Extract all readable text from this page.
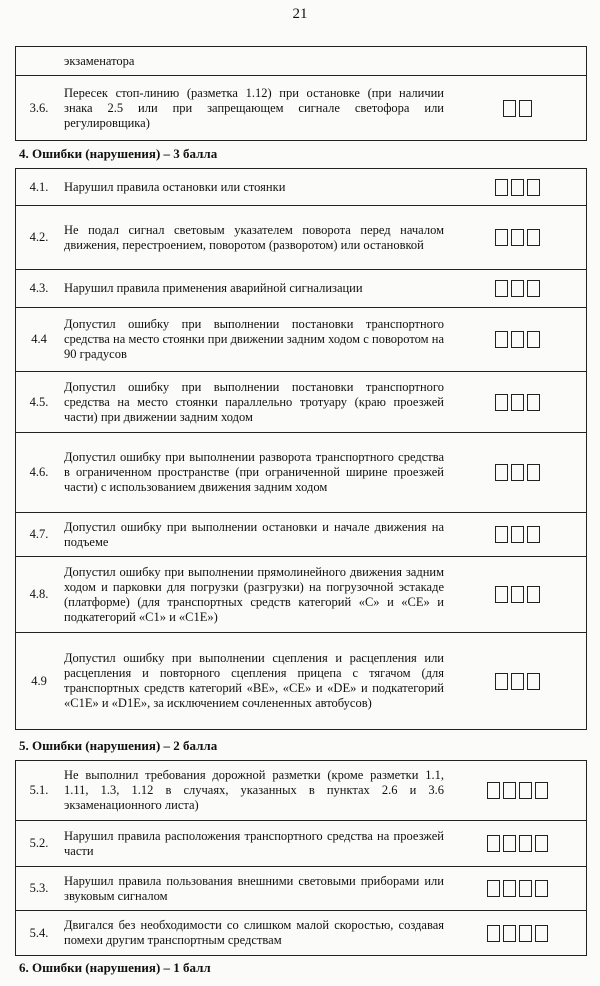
21
экзаменатора
3.6.
Пересек стоп-линию (разметка 1.12) при остановке (при наличии знака 2.5 или при запрещающем сигнале светофора или регулировщика)
4. Ошибки (нарушения) – 3 балла
4.1.	Нарушил правила остановки или стоянки
4.2.
Не подал сигнал световым указателем поворота перед началом движения, перестроением, поворотом (разворотом) или остановкой
4.3.	Нарушил правила применения аварийной сигнализации
4.4
Допустил ошибку при выполнении постановки транспортного средства на место стоянки при движении задним ходом с поворотом на 90 градусов
4.5.
Допустил ошибку при выполнении постановки транспортного средства на место стоянки параллельно тротуару (краю проезжей части) при движении задним ходом
4.6.
Допустил ошибку при выполнении разворота транспортного средства в ограниченном пространстве (при ограниченной ширине проезжей части) с использованием движения задним ходом
4.7.
Допустил ошибку при выполнении остановки и начале движения на подъеме
4.8.
Допустил ошибку при выполнении прямолинейного движения задним ходом и парковки для погрузки (разгрузки) на погрузочной эстакаде (платформе) (для транспортных средств категорий «С» и «СЕ» и подкатегорий «С1» и «С1Е»)
4.9
Допустил ошибку при выполнении сцепления и расцепления или расцепления и повторного сцепления прицепа с тягачом (для транспортных средств категорий «ВЕ», «СЕ» и «DE» и подкатегорий «С1Е» и «D1E», за исключением сочлененных автобусов)
5. Ошибки (нарушения) – 2 балла
5.1.
Не выполнил требования дорожной разметки (кроме разметки 1.1, 1.11, 1.3, 1.12 в случаях, указанных в пунктах 2.6 и 3.6 экзаменационного листа)
5.2.
Нарушил правила расположения транспортного средства на проезжей части
5.3.
Нарушил правила пользования внешними световыми приборами или звуковым сигналом
5.4.
Двигался без необходимости со слишком малой скоростью, создавая помехи другим транспортным средствам
6. Ошибки (нарушения) – 1 балл
